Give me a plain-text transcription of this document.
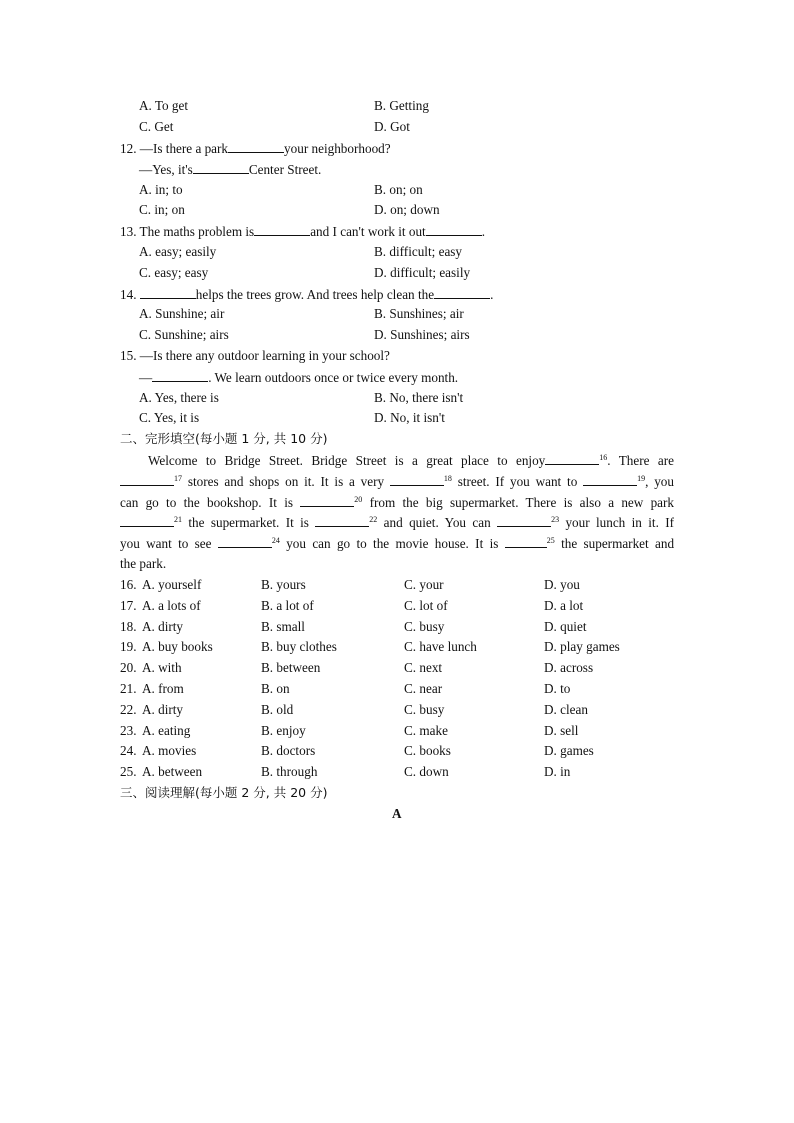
A. To get	B. Getting
C. Get	D. Got
12. —Is there a park	your neighborhood?
—Yes, it's	Center Street.
A. in; to	B. on; on
C. in; on	D. on; down
13. The maths problem is	and I can't work it out	.
A. easy; easily	B. difficult; easy
C. easy; easy	D. difficult; easily
14.	helps the trees grow. And trees help clean the	.
A. Sunshine; air	B. Sunshines; air
C. Sunshine; airs	D. Sunshines; airs
15. —Is there any outdoor learning in your school?
—	. We learn outdoors once or twice every month.
A. Yes, there is	B. No, there isn't
C. Yes, it is	D. No, it isn't
二、完形填空(每小题 1 分, 共 10 分)
Welcome to Bridge Street. Bridge Street is a great place to enjoy	$^{16}$. There are
$^{17}$ stores and shops on it. It is a very	$^{18}$ street. If you want to	$^{19}$, you
can go to the bookshop. It is	$^{20}$ from the big supermarket. There is also a new park
$^{21}$ the supermarket. It is	$^{22}$ and quiet. You can	$^{23}$ your lunch in it. If
you want to see	$^{24}$ you can go to the movie house. It is	$^{25}$ the supermarket and
the park.
16. A. yourself	B. yours	C. your	D. you
17. A. a lots of	B. a lot of	C. lot of	D. a lot
18. A. dirty	B. small	C. busy	D. quiet
19. A. buy books	B. buy clothes	C. have lunch	D. play games
20. A. with	B. between	C. next	D. across
21. A. from	B. on	C. near	D. to
22. A. dirty	B. old	C. busy	D. clean
23. A. eating	B. enjoy	C. make	D. sell
24. A. movies	B. doctors	C. books	D. games
25. A. between	B. through	C. down	D. in
三、阅读理解(每小题 2 分, 共 20 分)
A
